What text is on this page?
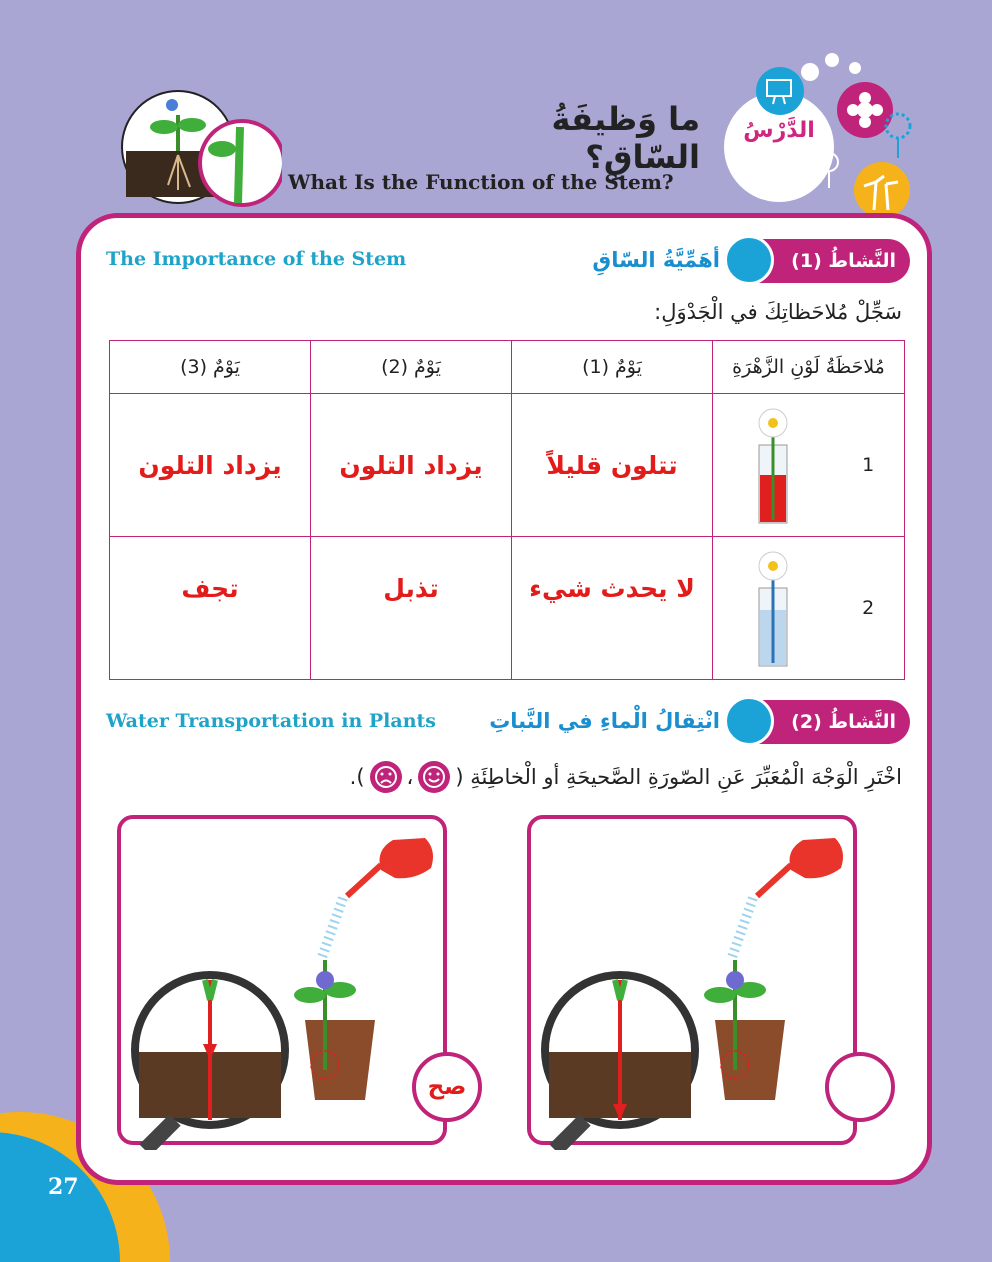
الدَّرْسُ
ما وَظيفَةُ السّاقِ؟
What Is the Function of the Stem?
النَّشاطُ (1)
أهَمِّيَّةُ السّاقِ
The Importance of the Stem
سَجِّلْ مُلاحَظاتِكَ في الْجَدْوَلِ:
يَوْمٌ (3)	يَوْمٌ (2)	يَوْمٌ (1)	مُلاحَظَةُ لَوْنِ الزَّهْرَةِ
يزداد التلون	يزداد التلون	تتلون قليلاً	1

تجف	تذبل	لا يحدث شيء	2
النَّشاطُ (2)
انْتِقالُ الْماءِ في النَّباتِ
Water Transportation in Plants
اخْتَرِ الْوَجْهَ الْمُعَبِّرَ عَنِ الصّورَةِ الصَّحيحَةِ أو الْخاطِئَةِ (
،
).
صح
27
